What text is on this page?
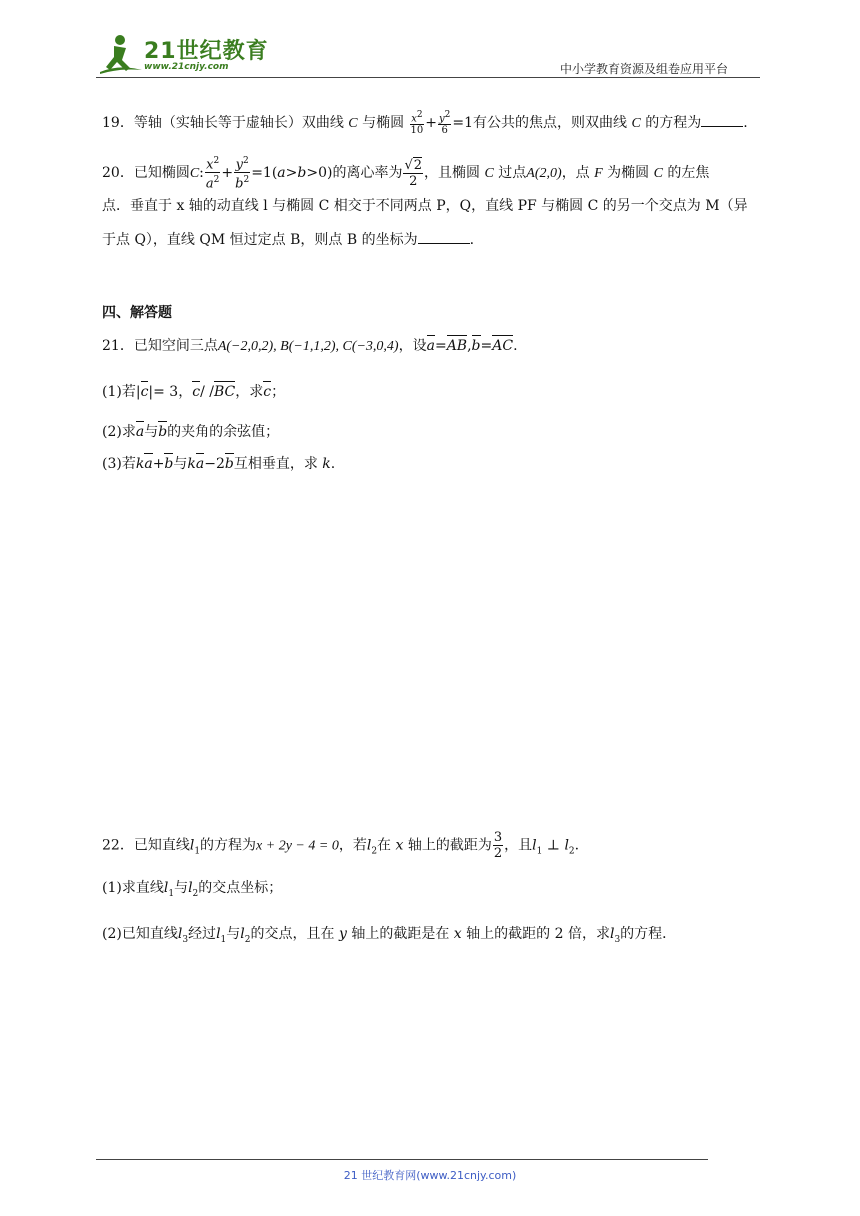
21世纪教育
www.21cnjy.com	中小学教育资源及组卷应用平台
19．等轴（实轴长等于虚轴长）双曲线 C 与椭圆 $\frac{x^2}{10} + \frac{y^2}{6} =1$有公共的焦点，则双曲线 C 的方程为	.
20．已知椭圆C: $\frac{x^2}{a^2} + \frac{y^2}{b^2} =1(a>b>0)$的离心率为 $\frac{√2}{2}$ ，且椭圆 C 过点A(2,0)，点 F 为椭圆 C 的左焦
点．垂直于 x 轴的动直线 l 与椭圆 C 相交于不同两点 P，Q，直线 PF 与椭圆 C 的另一个交点为 M（异
于点 Q），直线 QM 恒过定点 B，则点 B 的坐标为	.
四、解答题
21．已知空间三点A(−2,0,2), B(−1,1,2), C(−3,0,4)，设a=AB,b=AC.
(1)若|c|= 3，c/ /BC，求c；
(2)求a与b的夹角的余弦值；
(3)若ka+b与ka−2b互相垂直，求 k.
22．已知直线$l_1$的方程为x + 2y − 4 = 0，若$l_2$在 x 轴上的截距为 $\frac{3}{2}$ ，且$l_1$ ⊥ $l_2$.
(1)求直线$l_1$与$l_2$的交点坐标；
(2)已知直线$l_3$经过$l_1$与$l_2$的交点，且在 y 轴上的截距是在 x 轴上的截距的 2 倍，求$l_3$的方程．
21 世纪教育网(www.21cnjy.com)
